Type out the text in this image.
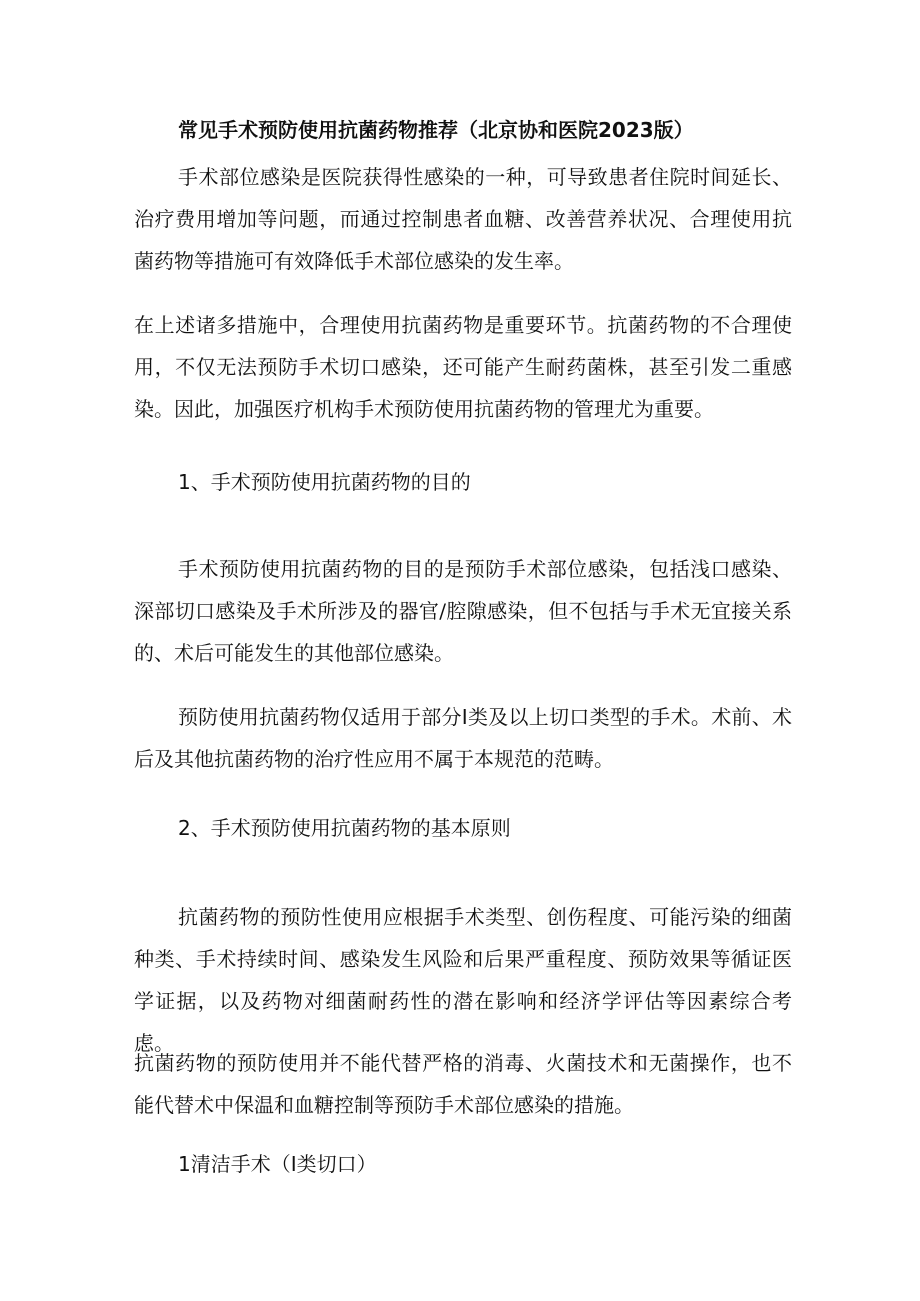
常见手术预防使用抗菌药物推荐（北京协和医院2023版）

手术部位感染是医院获得性感染的一种，可导致患者住院时间延长、治疗费用增加等问题，而通过控制患者血糖、改善营养状况、合理使用抗菌药物等措施可有效降低手术部位感染的发生率。

在上述诸多措施中，合理使用抗菌药物是重要环节。抗菌药物的不合理使用，不仅无法预防手术切口感染，还可能产生耐药菌株，甚至引发二重感染。因此，加强医疗机构手术预防使用抗菌药物的管理尤为重要。

1、手术预防使用抗菌药物的目的

手术预防使用抗菌药物的目的是预防手术部位感染，包括浅口感染、深部切口感染及手术所涉及的器官/腔隙感染，但不包括与手术无宜接关系的、术后可能发生的其他部位感染。

预防使用抗菌药物仅适用于部分I类及以上切口类型的手术。术前、术后及其他抗菌药物的治疗性应用不属于本规范的范畴。

2、手术预防使用抗菌药物的基本原则

抗菌药物的预防性使用应根据手术类型、创伤程度、可能污染的细菌种类、手术持续时间、感染发生风险和后果严重程度、预防效果等循证医学证据，以及药物对细菌耐药性的潜在影响和经济学评估等因素综合考虑。

抗菌药物的预防使用并不能代替严格的消毒、火菌技术和无菌操作，也不能代替术中保温和血糖控制等预防手术部位感染的措施。

1清洁手术（I类切口）
